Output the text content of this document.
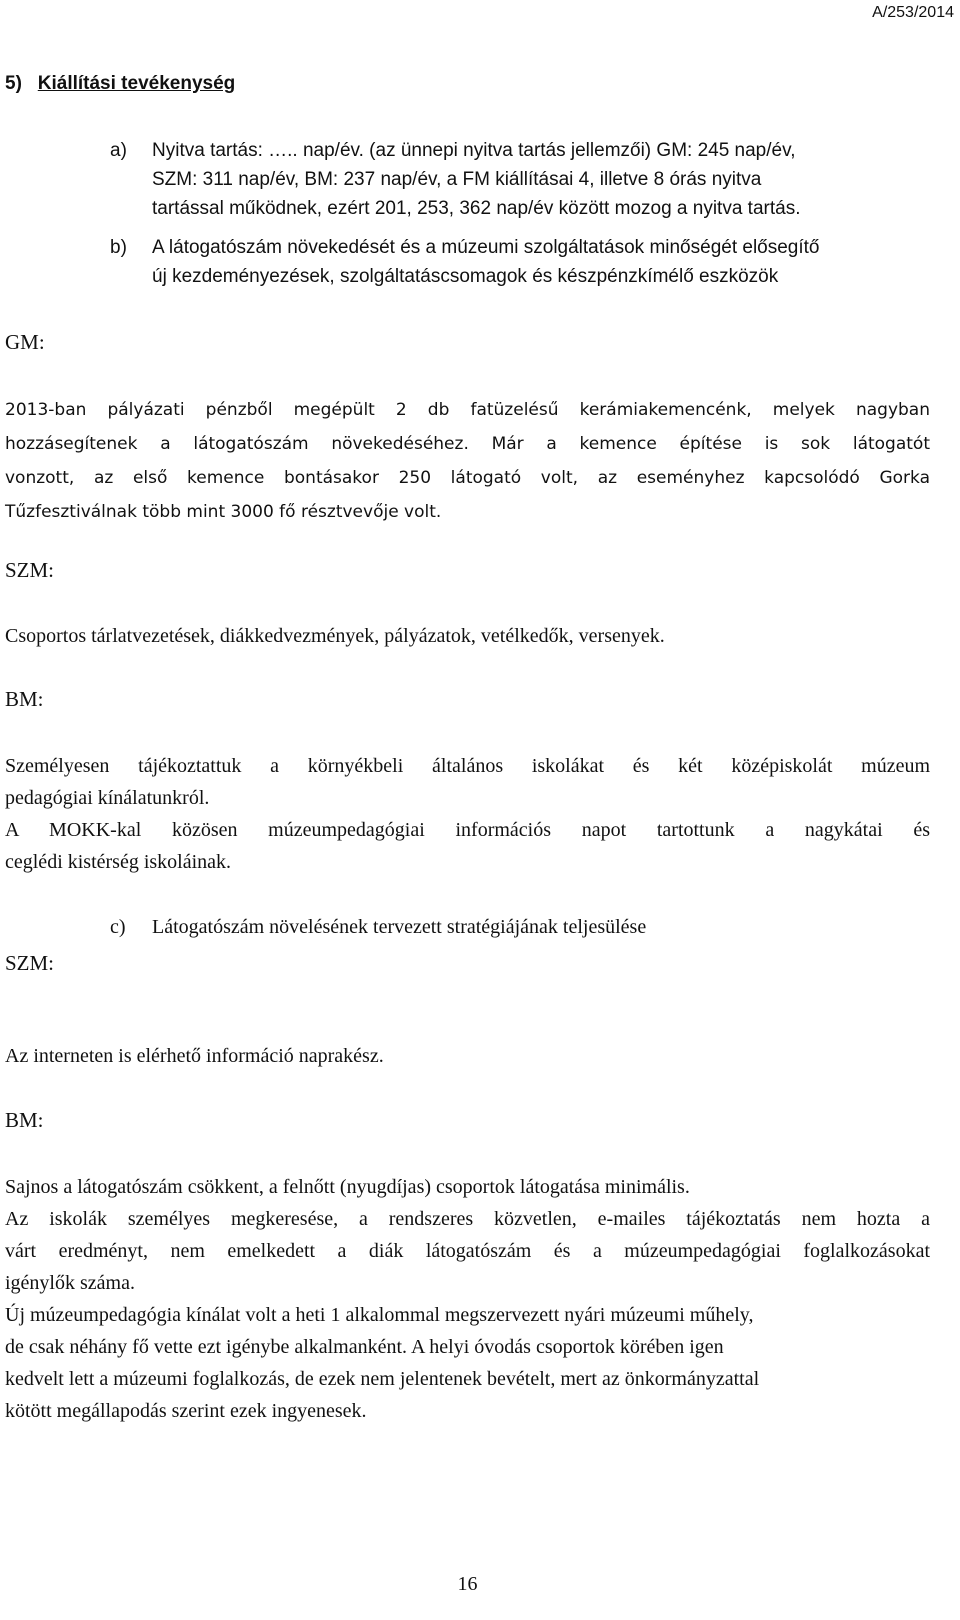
A/253/2014
5) Kiállítási tevékenység
a)	Nyitva tartás: ….. nap/év. (az ünnepi nyitva tartás jellemzői) GM: 245 nap/év,
SZM: 311 nap/év, BM: 237 nap/év, a FM kiállításai 4, illetve 8 órás nyitva
tartással működnek, ezért 201, 253, 362 nap/év között mozog a nyitva tartás.
b)	A látogatószám növekedését és a múzeumi szolgáltatások minőségét elősegítő
új kezdeményezések, szolgáltatáscsomagok és készpénzkímélő eszközök
GM:
2013-ban pályázati pénzből megépült 2 db fatüzelésű kerámiakemencénk, melyek nagyban
hozzásegítenek a látogatószám növekedéséhez. Már a kemence építése is sok látogatót
vonzott, az első kemence bontásakor 250 látogató volt, az eseményhez kapcsolódó Gorka
Tűzfesztiválnak több mint 3000 fő résztvevője volt.
SZM:
Csoportos tárlatvezetések, diákkedvezmények, pályázatok, vetélkedők, versenyek.
BM:
Személyesen tájékoztattuk a környékbeli általános iskolákat és két középiskolát múzeum
pedagógiai kínálatunkról.
A MOKK-kal közösen múzeumpedagógiai információs napot tartottunk a nagykátai és
ceglédi kistérség iskoláinak.
c)	Látogatószám növelésének tervezett stratégiájának teljesülése
SZM:
Az interneten is elérhető információ naprakész.
BM:
Sajnos a látogatószám csökkent, a felnőtt (nyugdíjas) csoportok látogatása minimális.
Az iskolák személyes megkeresése, a rendszeres közvetlen, e-mailes tájékoztatás nem hozta a
várt eredményt, nem emelkedett a diák látogatószám és a múzeumpedagógiai foglalkozásokat
igénylők száma.
Új múzeumpedagógia kínálat volt a heti 1 alkalommal megszervezett nyári múzeumi műhely,
de csak néhány fő vette ezt igénybe alkalmanként. A helyi óvodás csoportok körében igen
kedvelt lett a múzeumi foglalkozás, de ezek nem jelentenek bevételt, mert az önkormányzattal
kötött megállapodás szerint ezek ingyenesek.
16
